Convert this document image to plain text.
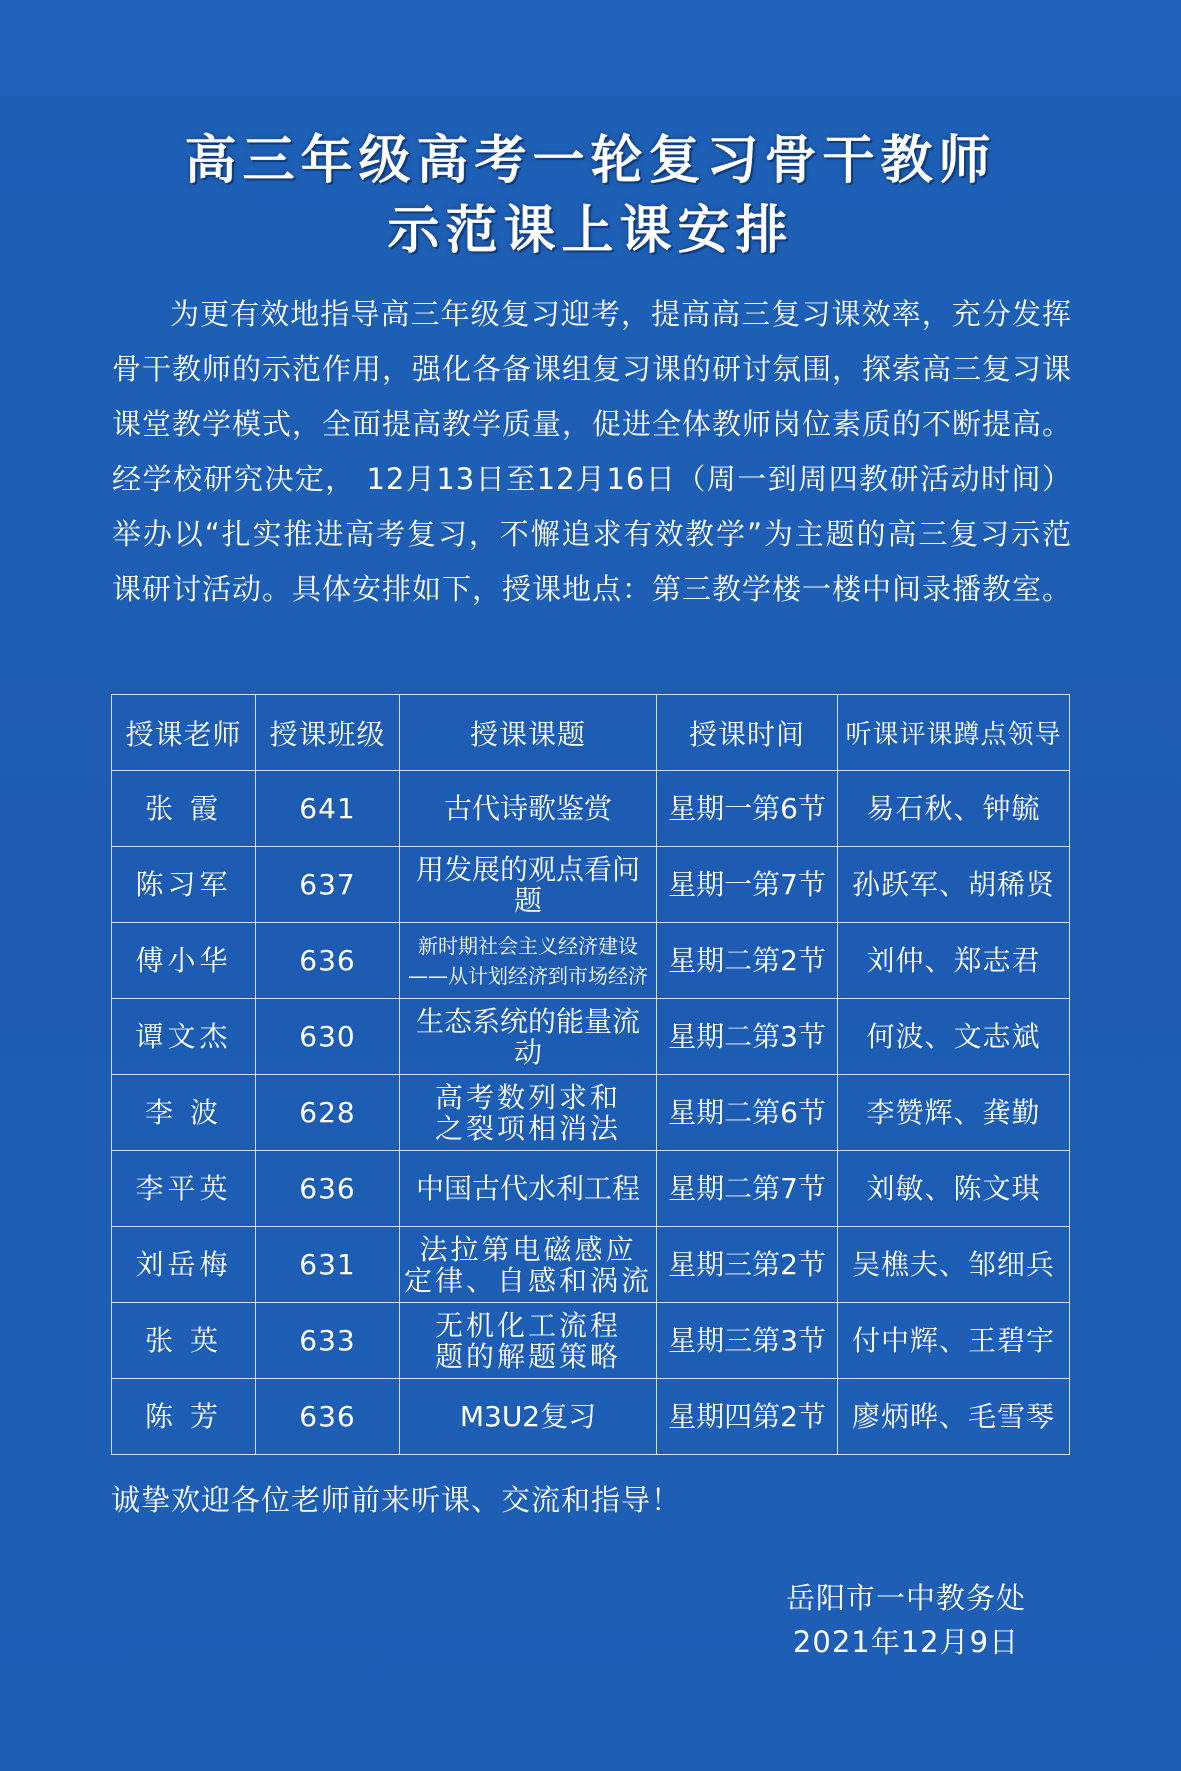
高三年级高考一轮复习骨干教师
示范课上课安排
为更有效地指导高三年级复习迎考，提高高三复习课效率，充分发挥骨干教师的示范作用，强化各备课组复习课的研讨氛围，探索高三复习课课堂教学模式，全面提高教学质量，促进全体教师岗位素质的不断提高。经学校研究决定， 12月13日至12月16日（周一到周四教研活动时间）举办以“扎实推进高考复习，不懈追求有效教学”为主题的高三复习示范课研讨活动。具体安排如下，授课地点：第三教学楼一楼中间录播教室。
授课老师	授课班级	授课课题	授课时间	听课评课蹲点领导
张 霞	641	古代诗歌鉴赏	星期一第6节	易石秋、钟毓
陈习军	637	用发展的观点看问题	星期一第7节	孙跃军、胡稀贤
傅小华	636	新时期社会主义经济建设
——从计划经济到市场经济	星期二第2节	刘仲、郑志君
谭文杰	630	生态系统的能量流动	星期二第3节	何波、文志斌
李 波	628	高考数列求和
之裂项相消法	星期二第6节	李赞辉、龚勤
李平英	636	中国古代水利工程	星期二第7节	刘敏、陈文琪
刘岳梅	631	法拉第电磁感应
定律、自感和涡流	星期三第2节	吴樵夫、邹细兵
张 英	633	无机化工流程
题的解题策略	星期三第3节	付中辉、王碧宇
陈 芳	636	M3U2复习	星期四第2节	廖炳晔、毛雪琴
诚挚欢迎各位老师前来听课、交流和指导！
岳阳市一中教务处
2021年12月9日
